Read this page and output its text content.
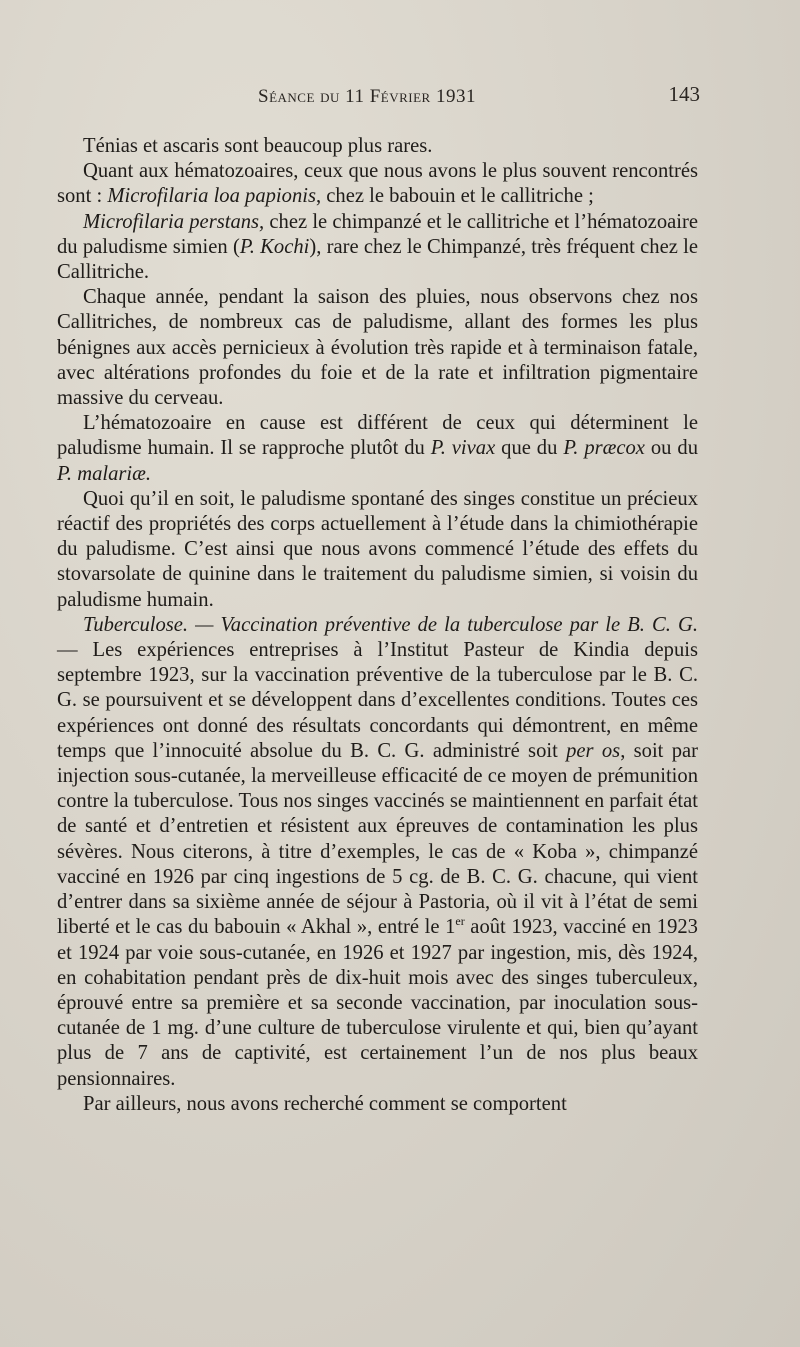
Séance du 11 Février 1931	143

Ténias et ascaris sont beaucoup plus rares.

Quant aux hématozoaires, ceux que nous avons le plus souvent rencontrés sont : Microfilaria loa papionis, chez le babouin et le callitriche ;

Microfilaria perstans, chez le chimpanzé et le callitriche et l’hématozoaire du paludisme simien (P. Kochi), rare chez le Chimpanzé, très fréquent chez le Callitriche.

Chaque année, pendant la saison des pluies, nous observons chez nos Callitriches, de nombreux cas de paludisme, allant des formes les plus bénignes aux accès pernicieux à évolution très rapide et à terminaison fatale, avec altérations profondes du foie et de la rate et infiltration pigmentaire massive du cerveau.

L’hématozoaire en cause est différent de ceux qui déterminent le paludisme humain. Il se rapproche plutôt du P. vivax que du P. præcox ou du P. malariæ.

Quoi qu’il en soit, le paludisme spontané des singes constitue un précieux réactif des propriétés des corps actuellement à l’étude dans la chimiothérapie du paludisme. C’est ainsi que nous avons commencé l’étude des effets du stovarsolate de quinine dans le traitement du paludisme simien, si voisin du paludisme humain.

Tuberculose. — Vaccination préventive de la tuberculose par le B. C. G. — Les expériences entreprises à l’Institut Pasteur de Kindia depuis septembre 1923, sur la vaccination préventive de la tuberculose par le B. C. G. se poursuivent et se développent dans d’excellentes conditions. Toutes ces expériences ont donné des résultats concordants qui démontrent, en même temps que l’innocuité absolue du B. C. G. administré soit per os, soit par injection sous-cutanée, la merveilleuse efficacité de ce moyen de prémunition contre la tuberculose. Tous nos singes vaccinés se maintiennent en parfait état de santé et d’entretien et résistent aux épreuves de contamination les plus sévères. Nous citerons, à titre d’exemples, le cas de « Koba », chimpanzé vacciné en 1926 par cinq ingestions de 5 cg. de B. C. G. chacune, qui vient d’entrer dans sa sixième année de séjour à Pastoria, où il vit à l’état de semi liberté et le cas du babouin « Akhal », entré le 1er août 1923, vacciné en 1923 et 1924 par voie sous-cutanée, en 1926 et 1927 par ingestion, mis, dès 1924, en cohabitation pendant près de dix-huit mois avec des singes tuberculeux, éprouvé entre sa première et sa seconde vaccination, par inoculation sous-cutanée de 1 mg. d’une culture de tuberculose virulente et qui, bien qu’ayant plus de 7 ans de captivité, est certainement l’un de nos plus beaux pensionnaires.

Par ailleurs, nous avons recherché comment se comportent
